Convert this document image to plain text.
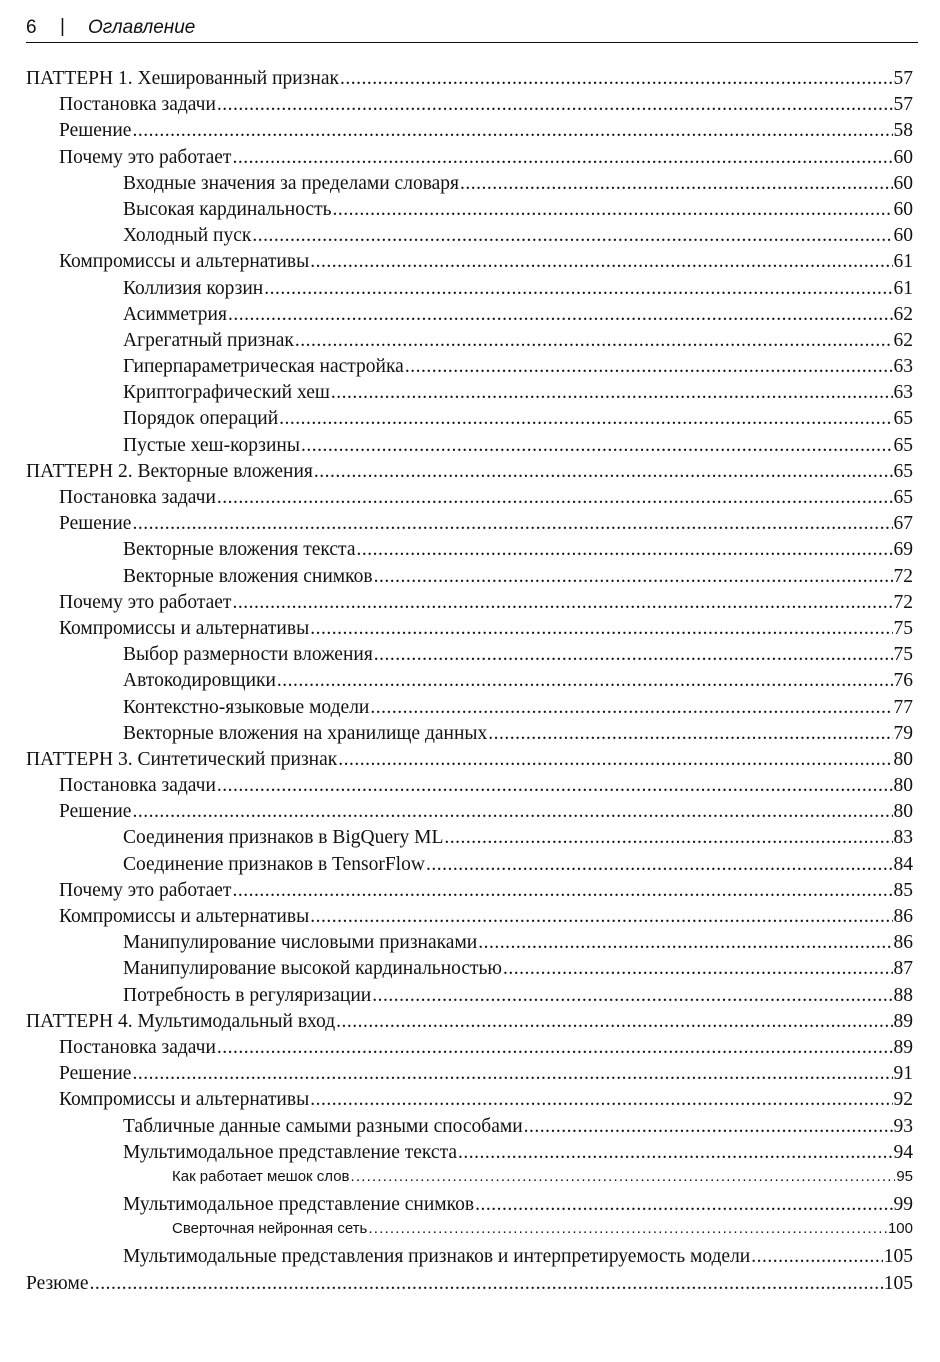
6 | Оглавление
ПАТТЕРН 1. Хешированный признак .....	57
Постановка задачи .....	57
Решение .....	58
Почему это работает .....	60
Входные значения за пределами словаря .....	60
Высокая кардинальность .....	60
Холодный пуск .....	60
Компромиссы и альтернативы .....	61
Коллизия корзин .....	61
Асимметрия .....	62
Агрегатный признак .....	62
Гиперпараметрическая настройка .....	63
Криптографический хеш .....	63
Порядок операций .....	65
Пустые хеш-корзины .....	65
ПАТТЕРН 2. Векторные вложения .....	65
Постановка задачи .....	65
Решение .....	67
Векторные вложения текста .....	69
Векторные вложения снимков .....	72
Почему это работает .....	72
Компромиссы и альтернативы .....	75
Выбор размерности вложения .....	75
Автокодировщики .....	76
Контекстно-языковые модели .....	77
Векторные вложения на хранилище данных .....	79
ПАТТЕРН 3. Синтетический признак .....	80
Постановка задачи .....	80
Решение .....	80
Соединения признаков в BigQuery ML .....	83
Соединение признаков в TensorFlow .....	84
Почему это работает .....	85
Компромиссы и альтернативы .....	86
Манипулирование числовыми признаками .....	86
Манипулирование высокой кардинальностью .....	87
Потребность в регуляризации .....	88
ПАТТЕРН 4. Мультимодальный вход .....	89
Постановка задачи .....	89
Решение .....	91
Компромиссы и альтернативы .....	92
Табличные данные самыми разными способами .....	93
Мультимодальное представление текста .....	94
Как работает мешок слов .....	95
Мультимодальное представление снимков .....	99
Сверточная нейронная сеть .....	100
Мультимодальные представления признаков и интерпретируемость модели .....	105
Резюме .....	105
